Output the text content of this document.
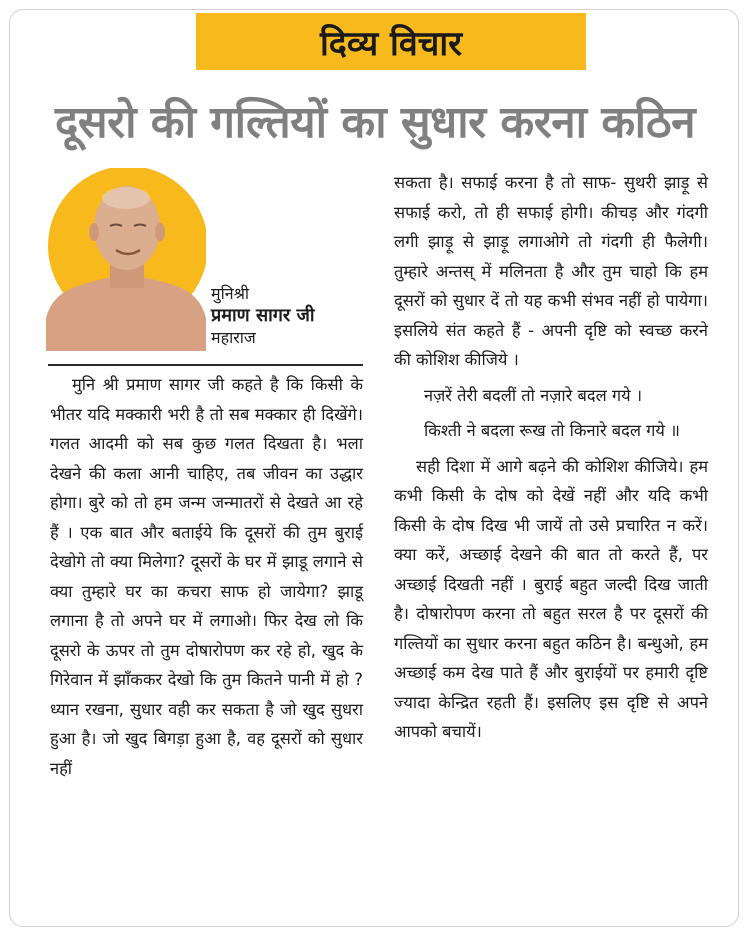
दिव्य विचार
दूसरो की गल्तियों का सुधार करना कठिन
मुनिश्री
प्रमाण सागर जी
महाराज

मुनि श्री प्रमाण सागर जी कहते है कि किसी के भीतर यदि मक्कारी भरी है तो सब मक्कार ही दिखेंगे। गलत आदमी को सब कुछ गलत दिखता है। भला देखने की कला आनी चाहिए, तब जीवन का उद्धार होगा। बुरे को तो हम जन्म जन्मातरों से देखते आ रहे हैं । एक बात और बताईये कि दूसरों की तुम बुराई देखोगे तो क्या मिलेगा? दूसरों के घर में झाडू लगाने से क्या तुम्हारे घर का कचरा साफ हो जायेगा? झाडू लगाना है तो अपने घर में लगाओ। फिर देख लो कि दूसरो के ऊपर तो तुम दोषारोपण कर रहे हो, खुद के गिरेवान में झाँककर देखो कि तुम कितने पानी में हो ? ध्यान रखना, सुधार वही कर सकता है जो खुद सुधरा हुआ है। जो खुद बिगड़ा हुआ है, वह दूसरों को सुधार नहीं

सकता है। सफाई करना है तो साफ- सुथरी झाड़ू से सफाई करो, तो ही सफाई होगी। कीचड़ और गंदगी लगी झाड़ू से झाड़ू लगाओगे तो गंदगी ही फैलेगी। तुम्हारे अन्तस् में मलिनता है और तुम चाहो कि हम दूसरों को सुधार दें तो यह कभी संभव नहीं हो पायेगा। इसलिये संत कहते हैं - अपनी दृष्टि को स्वच्छ करने की कोशिश कीजिये ।

नज़रें तेरी बदलीं तो नज़ारे बदल गये ।

किश्ती ने बदला रूख तो किनारे बदल गये ॥

सही दिशा में आगे बढ़ने की कोशिश कीजिये। हम कभी किसी के दोष को देखें नहीं और यदि कभी किसी के दोष दिख भी जायें तो उसे प्रचारित न करें। क्या करें, अच्छाई देखने की बात तो करते हैं, पर अच्छाई दिखती नहीं । बुराई बहुत जल्दी दिख जाती है। दोषारोपण करना तो बहुत सरल है पर दूसरों की गल्तियों का सुधार करना बहुत कठिन है। बन्धुओ, हम अच्छाई कम देख पाते हैं और बुराईयों पर हमारी दृष्टि ज्यादा केन्द्रित रहती हैं। इसलिए इस दृष्टि से अपने आपको बचायें।
